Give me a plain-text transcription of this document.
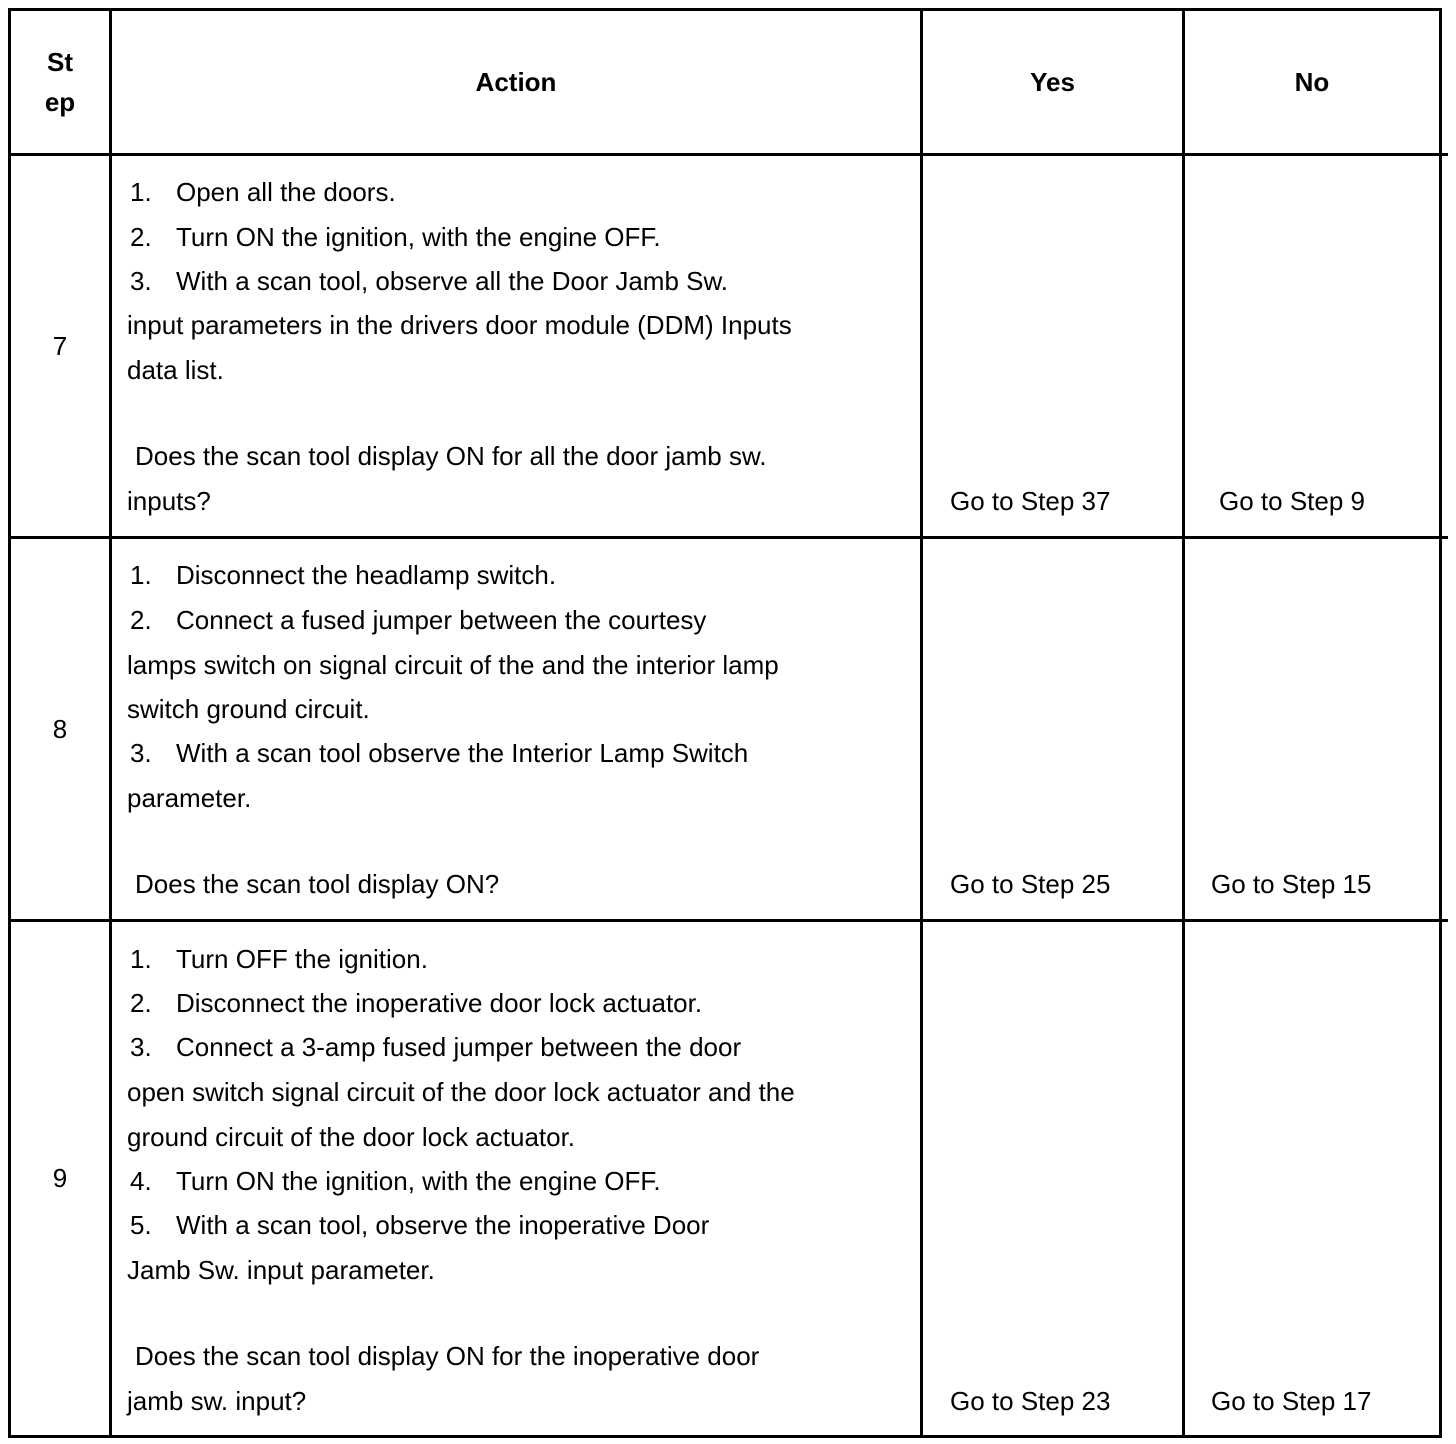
St
ep
Action	Yes	No
7
1. Open all the doors.
2. Turn ON the ignition, with the engine OFF.
3. With a scan tool, observe all the Door Jamb Sw.
input parameters in the drivers door module (DDM) Inputs
data list.
Does the scan tool display ON for all the door jamb sw.
inputs?	Go to Step 37	Go to Step 9
8
1. Disconnect the headlamp switch.
2. Connect a fused jumper between the courtesy
lamps switch on signal circuit of the and the interior lamp
switch ground circuit.
3. With a scan tool observe the Interior Lamp Switch
parameter.
Does the scan tool display ON?	Go to Step 25	Go to Step 15
9
1. Turn OFF the ignition.
2. Disconnect the inoperative door lock actuator.
3. Connect a 3-amp fused jumper between the door
open switch signal circuit of the door lock actuator and the
ground circuit of the door lock actuator.
4. Turn ON the ignition, with the engine OFF.
5. With a scan tool, observe the inoperative Door
Jamb Sw. input parameter.
Does the scan tool display ON for the inoperative door
jamb sw. input?	Go to Step 23	Go to Step 17
